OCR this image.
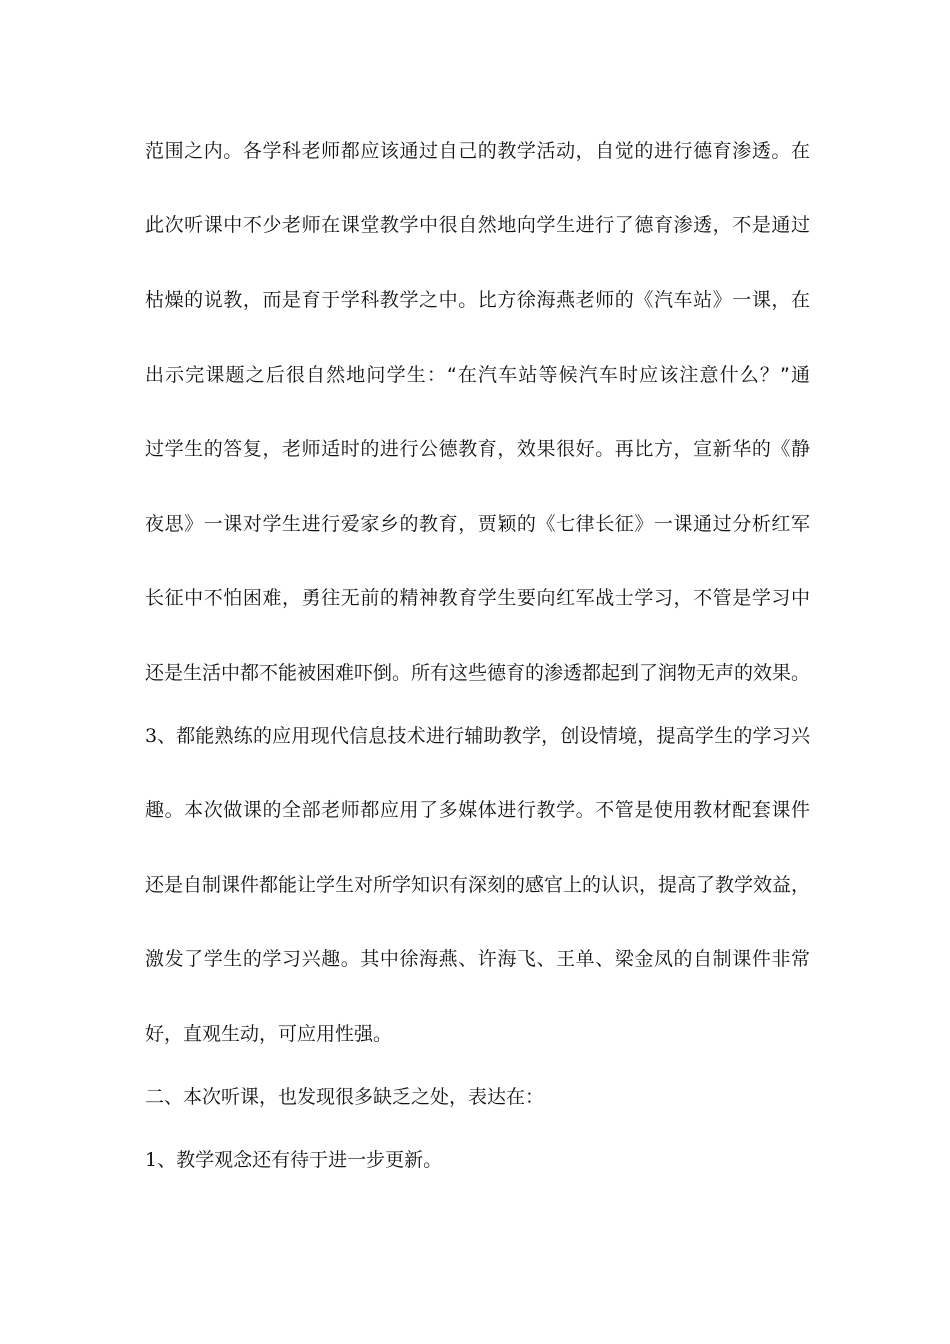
范围之内。各学科老师都应该通过自己的教学活动，自觉的进行德育渗透。在
此次听课中不少老师在课堂教学中很自然地向学生进行了德育渗透，不是通过
枯燥的说教，而是育于学科教学之中。比方徐海燕老师的《汽车站》一课，在
出示完课题之后很自然地问学生：“在汽车站等候汽车时应该注意什么？”通
过学生的答复，老师适时的进行公德教育，效果很好。再比方，宣新华的《静
夜思》一课对学生进行爱家乡的教育，贾颖的《七律长征》一课通过分析红军
长征中不怕困难，勇往无前的精神教育学生要向红军战士学习，不管是学习中
还是生活中都不能被困难吓倒。所有这些德育的渗透都起到了润物无声的效果。
3、 都能熟练的应用现代信息技术进行辅助教学，创设情境，提高学生的学习兴
趣。本次做课的全部老师都应用了多媒体进行教学。不管是使用教材配套课件
还是自制课件都能让学生对所学知识有深刻的感官上的认识，提高了教学效益，
激发了学生的学习兴趣。其中徐海燕、许海飞、王单、梁金凤的自制课件非常
好，直观生动，可应用性强。
二、本次听课，也发现很多缺乏之处，表达在：
1、教学观念还有待于进一步更新。
